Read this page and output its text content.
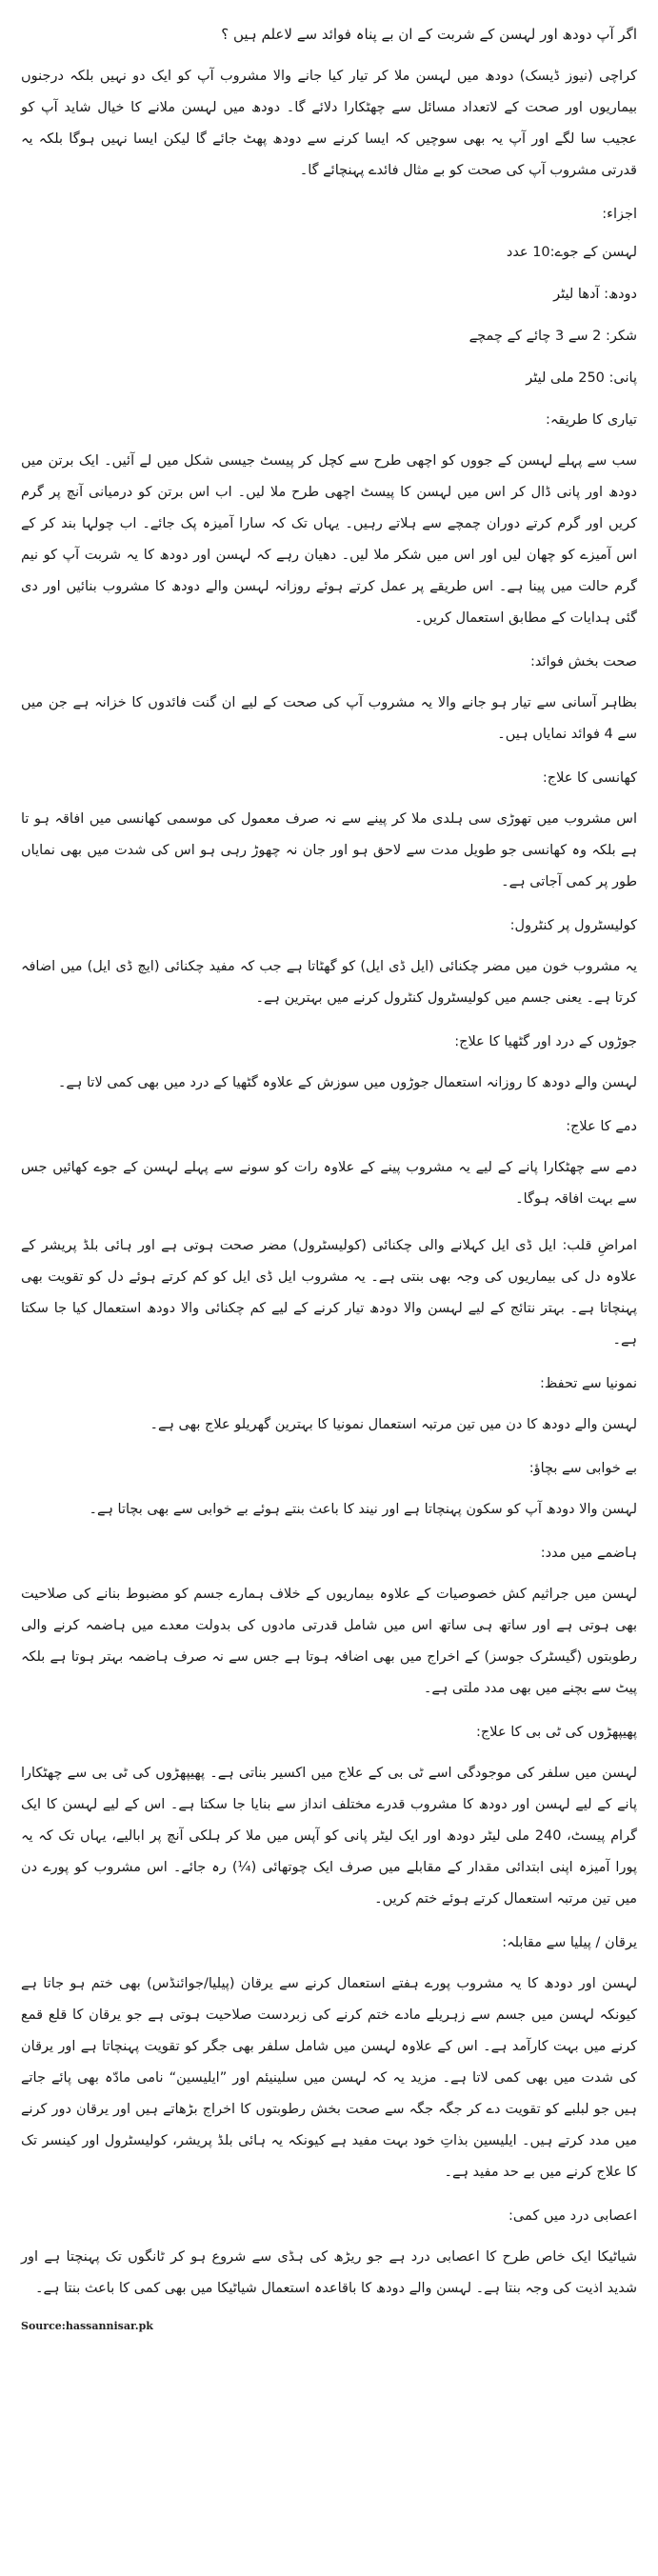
اگر آپ دودھ اور لہسن کے شربت کے ان بے پناہ فوائد سے لاعلم ہیں ؟

کراچی (نیوز ڈیسک) دودھ میں لہسن ملا کر تیار کیا جانے والا مشروب آپ کو ایک دو نہیں بلکہ درجنوں بیماریوں اور صحت کے لاتعداد مسائل سے چھٹکارا دلائے گا۔ دودھ میں لہسن ملانے کا خیال شاید آپ کو عجیب سا لگے اور آپ یہ بھی سوچیں کہ ایسا کرنے سے دودھ پھٹ جائے گا لیکن ایسا نہیں ہوگا بلکہ یہ قدرتی مشروب آپ کی صحت کو بے مثال فائدے پہنچائے گا۔

اجزاء:
لہسن کے جوے:10 عدد
دودھ: آدھا لیٹر
شکر: 2 سے 3 چائے کے چمچے
پانی: 250 ملی لیٹر
تیاری کا طریقہ:

سب سے پہلے لہسن کے جووں کو اچھی طرح سے کچل کر پیسٹ جیسی شکل میں لے آئیں۔ ایک برتن میں دودھ اور پانی ڈال کر اس میں لہسن کا پیسٹ اچھی طرح ملا لیں۔ اب اس برتن کو درمیانی آنچ پر گرم کریں اور گرم کرتے دوران چمچے سے ہلاتے رہیں۔ یہاں تک کہ سارا آمیزہ پک جائے۔ اب چولہا بند کر کے اس آمیزے کو چھان لیں اور اس میں شکر ملا لیں۔ دھیان رہے کہ لہسن اور دودھ کا یہ شربت آپ کو نیم گرم حالت میں پینا ہے۔ اس طریقے پر عمل کرتے ہوئے روزانہ لہسن والے دودھ کا مشروب بنائیں اور دی گئی ہدایات کے مطابق استعمال کریں۔

صحت بخش فوائد:

بظاہر آسانی سے تیار ہو جانے والا یہ مشروب آپ کی صحت کے لیے ان گنت فائدوں کا خزانہ ہے جن میں سے 4 فوائد نمایاں ہیں۔

کھانسی کا علاج:

اس مشروب میں تھوڑی سی ہلدی ملا کر پینے سے نہ صرف معمول کی موسمی کھانسی میں افاقہ ہو تا ہے بلکہ وہ کھانسی جو طویل مدت سے لاحق ہو اور جان نہ چھوڑ رہی ہو اس کی شدت میں بھی نمایاں طور پر کمی آجاتی ہے۔

کولیسٹرول پر کنٹرول:

یہ مشروب خون میں مضر چکنائی (ایل ڈی ایل) کو گھٹاتا ہے جب کہ مفید چکنائی (ایچ ڈی ایل) میں اضافہ کرتا ہے۔ یعنی جسم میں کولیسٹرول کنٹرول کرنے میں بہترین ہے۔

جوڑوں کے درد اور گٹھیا کا علاج:

لہسن والے دودھ کا روزانہ استعمال جوڑوں میں سوزش کے علاوہ گٹھیا کے درد میں بھی کمی لاتا ہے۔

دمے کا علاج:

دمے سے چھٹکارا پانے کے لیے یہ مشروب پینے کے علاوہ رات کو سونے سے پہلے لہسن کے جوے کھائیں جس سے بہت افاقہ ہوگا۔

امراضِ قلب: ایل ڈی ایل کہلانے والی چکنائی (کولیسٹرول) مضر صحت ہوتی ہے اور ہائی بلڈ پریشر کے علاوہ دل کی بیماریوں کی وجہ بھی بنتی ہے۔ یہ مشروب ایل ڈی ایل کو کم کرتے ہوئے دل کو تقویت بھی پہنچاتا ہے۔ بہتر نتائج کے لیے لہسن والا دودھ تیار کرنے کے لیے کم چکنائی والا دودھ استعمال کیا جا سکتا ہے۔

نمونیا سے تحفظ:

لہسن والے دودھ کا دن میں تین مرتبہ استعمال نمونیا کا بہترین گھریلو علاج بھی ہے۔

بے خوابی سے بچاؤ:

لہسن والا دودھ آپ کو سکون پہنچاتا ہے اور نیند کا باعث بنتے ہوئے بے خوابی سے بھی بچاتا ہے۔

ہاضمے میں مدد:

لہسن میں جراثیم کش خصوصیات کے علاوہ بیماریوں کے خلاف ہمارے جسم کو مضبوط بنانے کی صلاحیت بھی ہوتی ہے اور ساتھ ہی ساتھ اس میں شامل قدرتی مادوں کی بدولت معدے میں ہاضمہ کرنے والی رطوبتوں (گیسٹرک جوسز) کے اخراج میں بھی اضافہ ہوتا ہے جس سے نہ صرف ہاضمہ بہتر ہوتا ہے بلکہ پیٹ سے بچنے میں بھی مدد ملتی ہے۔

پھیپھڑوں کی ٹی بی کا علاج:

لہسن میں سلفر کی موجودگی اسے ٹی بی کے علاج میں اکسیر بناتی ہے۔ پھیپھڑوں کی ٹی بی سے چھٹکارا پانے کے لیے لہسن اور دودھ کا مشروب قدرے مختلف انداز سے بنایا جا سکتا ہے۔ اس کے لیے لہسن کا ایک گرام پیسٹ، 240 ملی لیٹر دودھ اور ایک لیٹر پانی کو آپس میں ملا کر ہلکی آنچ پر ابالیے، یہاں تک کہ یہ پورا آمیزہ اپنی ابتدائی مقدار کے مقابلے میں صرف ایک چوتھائی (¼) رہ جائے۔ اس مشروب کو پورے دن میں تین مرتبہ استعمال کرتے ہوئے ختم کریں۔

یرقان / پیلیا سے مقابلہ:

لہسن اور دودھ کا یہ مشروب پورے ہفتے استعمال کرنے سے یرقان (پیلیا/جوائنڈس) بھی ختم ہو جاتا ہے کیونکہ لہسن میں جسم سے زہریلے مادے ختم کرنے کی زبردست صلاحیت ہوتی ہے جو یرقان کا قلع قمع کرنے میں بہت کارآمد ہے۔ اس کے علاوہ لہسن میں شامل سلفر بھی جگر کو تقویت پہنچاتا ہے اور یرقان کی شدت میں بھی کمی لاتا ہے۔ مزید یہ کہ لہسن میں سلینیئم اور ”ایلیسین“ نامی مادّہ بھی پائے جاتے ہیں جو لبلبے کو تقویت دے کر جگہ جگہ سے صحت بخش رطوبتوں کا اخراج بڑھاتے ہیں اور یرقان دور کرنے میں مدد کرتے ہیں۔ ایلیسین بذاتِ خود بہت مفید ہے کیونکہ یہ ہائی بلڈ پریشر، کولیسٹرول اور کینسر تک کا علاج کرنے میں بے حد مفید ہے۔

اعصابی درد میں کمی:

شیاٹیکا ایک خاص طرح کا اعصابی درد ہے جو ریڑھ کی ہڈی سے شروع ہو کر ٹانگوں تک پہنچتا ہے اور شدید اذیت کی وجہ بنتا ہے۔ لہسن والے دودھ کا باقاعدہ استعمال شیاٹیکا میں بھی کمی کا باعث بنتا ہے۔

Source:hassannisar.pk
